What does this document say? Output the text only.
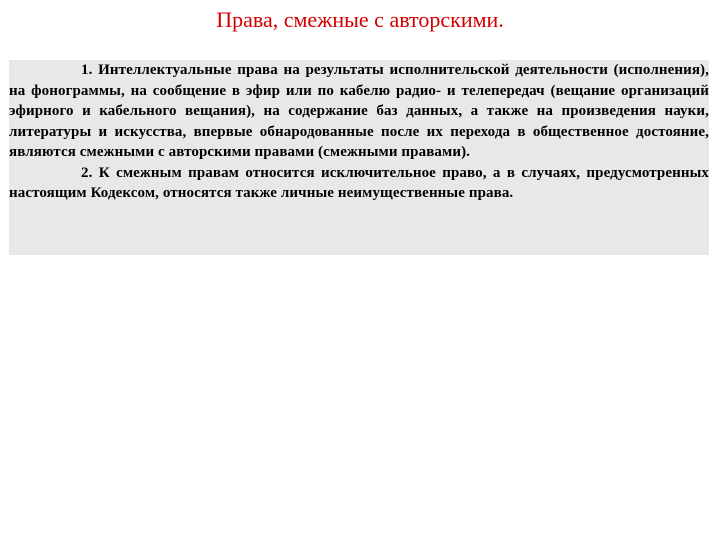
Права, смежные с авторскими.

1. Интеллектуальные права на результаты исполнительской деятельности (исполнения), на фонограммы, на сообщение в эфир или по кабелю радио- и телепередач (вещание организаций эфирного и кабельного вещания), на содержание баз данных, а также на произведения науки, литературы и искусства, впервые обнародованные после их перехода в общественное достояние, являются смежными с авторскими правами (смежными правами).

2. К смежным правам относится исключительное право, а в случаях, предусмотренных настоящим Кодексом, относятся также личные неимущественные права.
